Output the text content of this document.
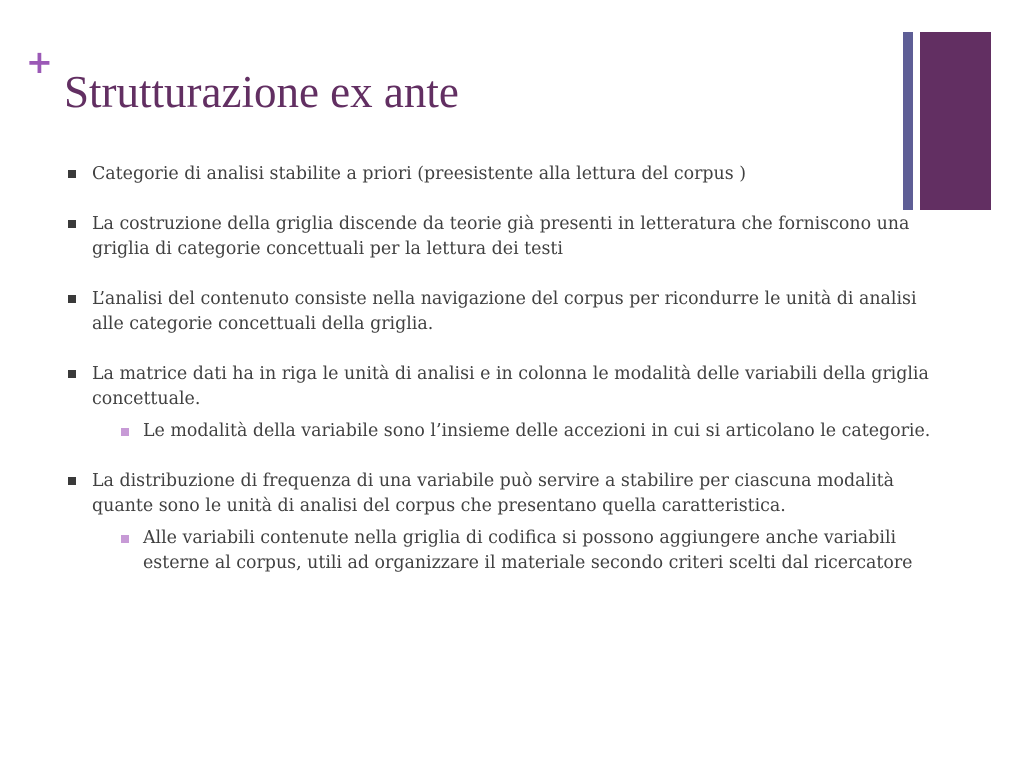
+
Strutturazione ex ante
Categorie di analisi stabilite a priori (preesistente alla lettura del corpus )
La costruzione della griglia discende da teorie già presenti in letteratura che forniscono una griglia di categorie concettuali per la lettura dei testi
L’analisi del contenuto consiste nella navigazione del corpus per ricondurre le unità di analisi alle categorie concettuali della griglia.
La matrice dati ha in riga le unità di analisi e in colonna le modalità delle variabili della griglia concettuale.
Le modalità della variabile sono l’insieme delle accezioni in cui si articolano le categorie.
La distribuzione di frequenza di una variabile può servire a stabilire per ciascuna modalità quante sono le unità di analisi del corpus che presentano quella caratteristica.
Alle variabili contenute nella griglia di codifica si possono aggiungere anche variabili esterne al corpus, utili ad organizzare il materiale secondo criteri scelti dal ricercatore
